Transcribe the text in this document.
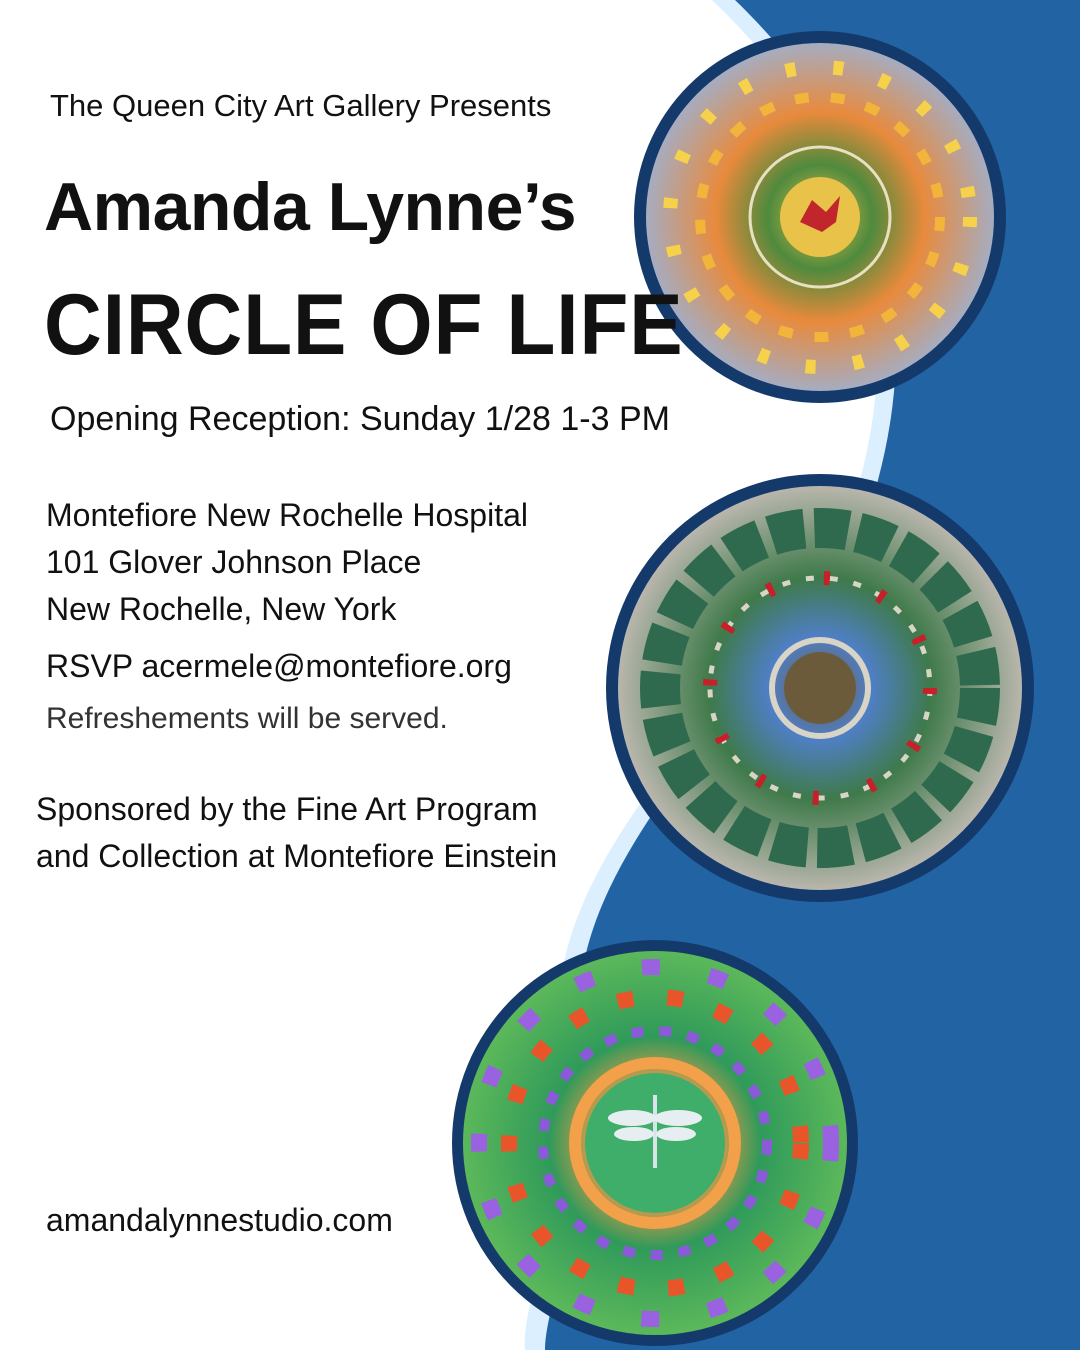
The Queen City Art Gallery Presents

Amanda Lynne’s
CIRCLE OF LIFE

Opening Reception: Sunday 1/28 1-3 PM

Montefiore New Rochelle Hospital
101 Glover Johnson Place
New Rochelle, New York

RSVP acermele@montefiore.org

Refreshements will be served.

Sponsored by the Fine Art Program
and Collection at Montefiore Einstein

amandalynnestudio.com
